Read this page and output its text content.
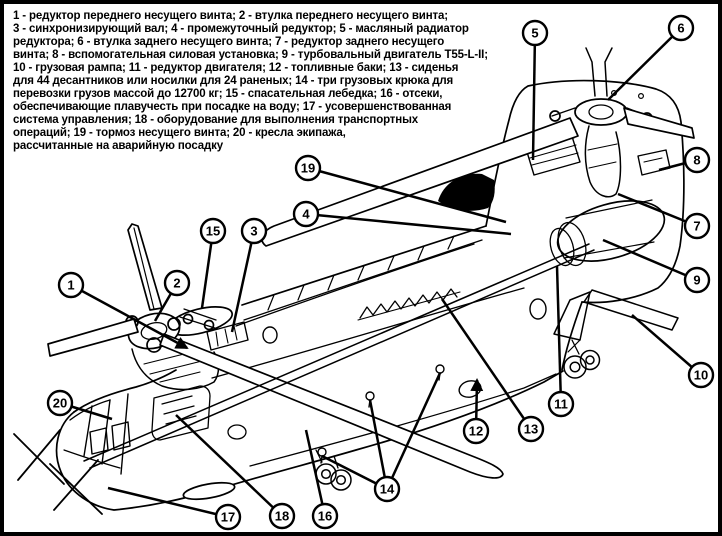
1	2
3
4
5	6
7
8
9
10
11
12	13
14
15
16
17	18
19
20
1 - редуктор переднего несущего винта; 2 - втулка переднего несущего винта;
3 - синхронизирующий вал; 4 - промежуточный редуктор; 5 - масляный радиатор
редуктора; 6 - втулка заднего несущего винта; 7 - редуктор заднего несущего
винта; 8 - вспомогательная силовая установка; 9 - турбовальный двигатель Т55-L-II;
10 - грузовая рампа; 11 - редуктор двигателя; 12 - топливные баки; 13 - сиденья
для 44 десантников или носилки для 24 раненых; 14 - три грузовых крюка для
перевозки грузов массой до 12700 кг; 15 - спасательная лебедка; 16 - отсеки,
обеспечивающие плавучесть при посадке на воду; 17 - усовершенствованная
система управления; 18 - оборудование для выполнения транспортных
операций; 19 - тормоз несущего винта; 20 - кресла экипажа,
рассчитанные на аварийную посадку
